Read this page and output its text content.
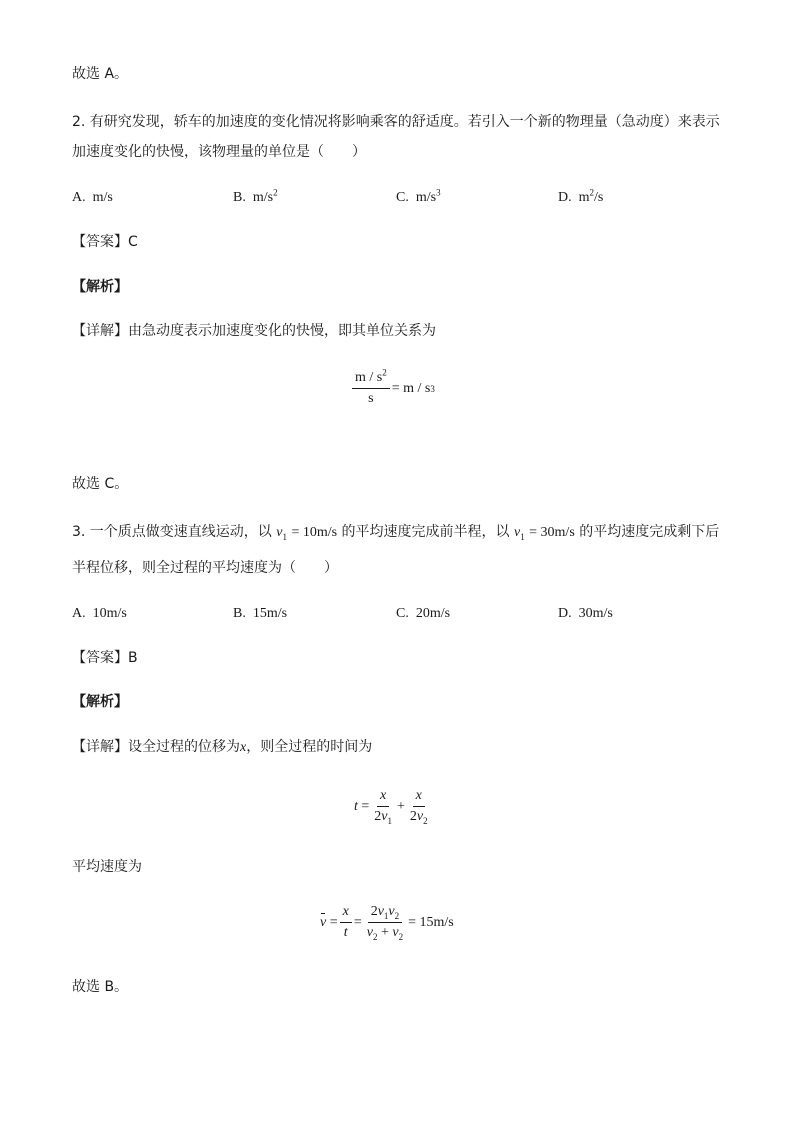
故选 A。
2. 有研究发现，轿车的加速度的变化情况将影响乘客的舒适度。若引入一个新的物理量（急动度）来表示
加速度变化的快慢，该物理量的单位是（　　）
A. m/s	B. $m/s^2$	C. $m/s^3$	D. $m^2/s$
【答案】C
【解析】
【详解】由急动度表示加速度变化的快慢，即其单位关系为
$\frac{m / s^2}{s} = m / s$ 3
故选 C。
3. 一个质点做变速直线运动，以 $v_1 = 10m/s$ 的平均速度完成前半程，以 $v_1 = 30m/s$ 的平均速度完成剩下后
半程位移，则全过程的平均速度为（　　）
A. 10m/s	B. 15m/s	C. 20m/s	D. 30m/s
【答案】B
【解析】
【详解】设全过程的位移为x，则全过程的时间为
t
= $\frac{x}{2v_1} + \frac{x}{2v_2}$
平均速度为
v
= $\frac{x}{t} = \frac{2v_1v_2}{v_2 + v_2} = 15m/s$
故选 B。
